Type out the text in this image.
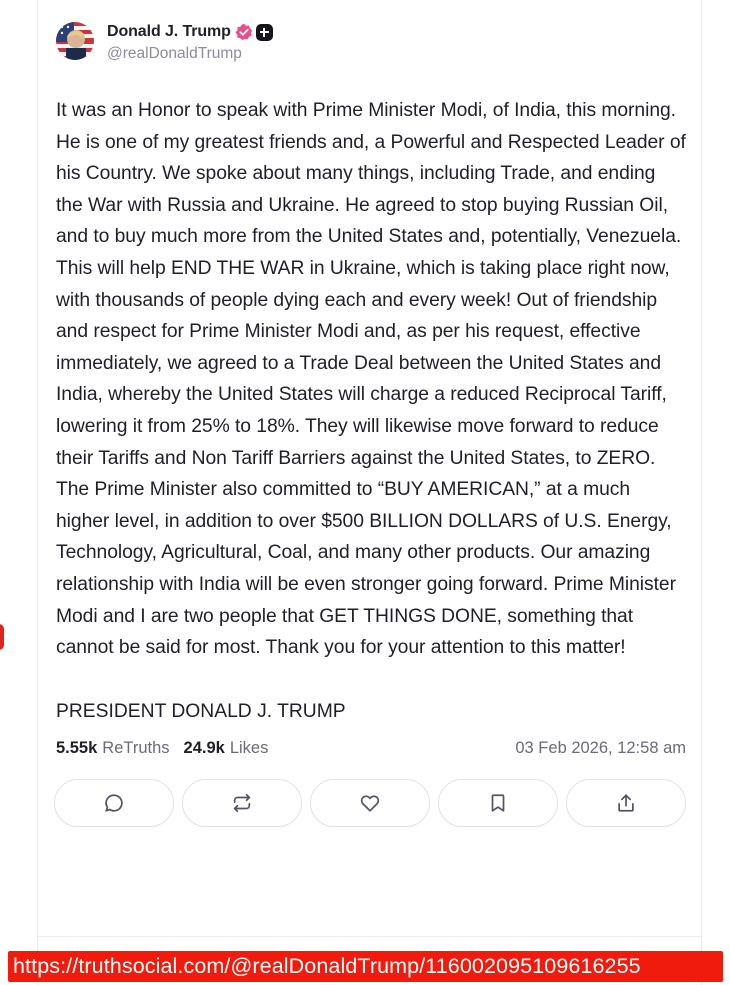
Donald J. Trump
@realDonaldTrump
It was an Honor to speak with Prime Minister Modi, of India, this morning. He is one of my greatest friends and, a Powerful and Respected Leader of his Country. We spoke about many things, including Trade, and ending the War with Russia and Ukraine. He agreed to stop buying Russian Oil, and to buy much more from the United States and, potentially, Venezuela. This will help END THE WAR in Ukraine, which is taking place right now, with thousands of people dying each and every week! Out of friendship and respect for Prime Minister Modi and, as per his request, effective immediately, we agreed to a Trade Deal between the United States and India, whereby the United States will charge a reduced Reciprocal Tariff, lowering it from 25% to 18%. They will likewise move forward to reduce their Tariffs and Non Tariff Barriers against the United States, to ZERO. The Prime Minister also committed to “BUY AMERICAN,” at a much higher level, in addition to over $500 BILLION DOLLARS of U.S. Energy, Technology, Agricultural, Coal, and many other products. Our amazing relationship with India will be even stronger going forward. Prime Minister Modi and I are two people that GET THINGS DONE, something that cannot be said for most. Thank you for your attention to this matter!
PRESIDENT DONALD J. TRUMP
5.55k ReTruths 24.9k Likes	03 Feb 2026, 12:58 am
https://truthsocial.com/@realDonaldTrump/116002095109616255
